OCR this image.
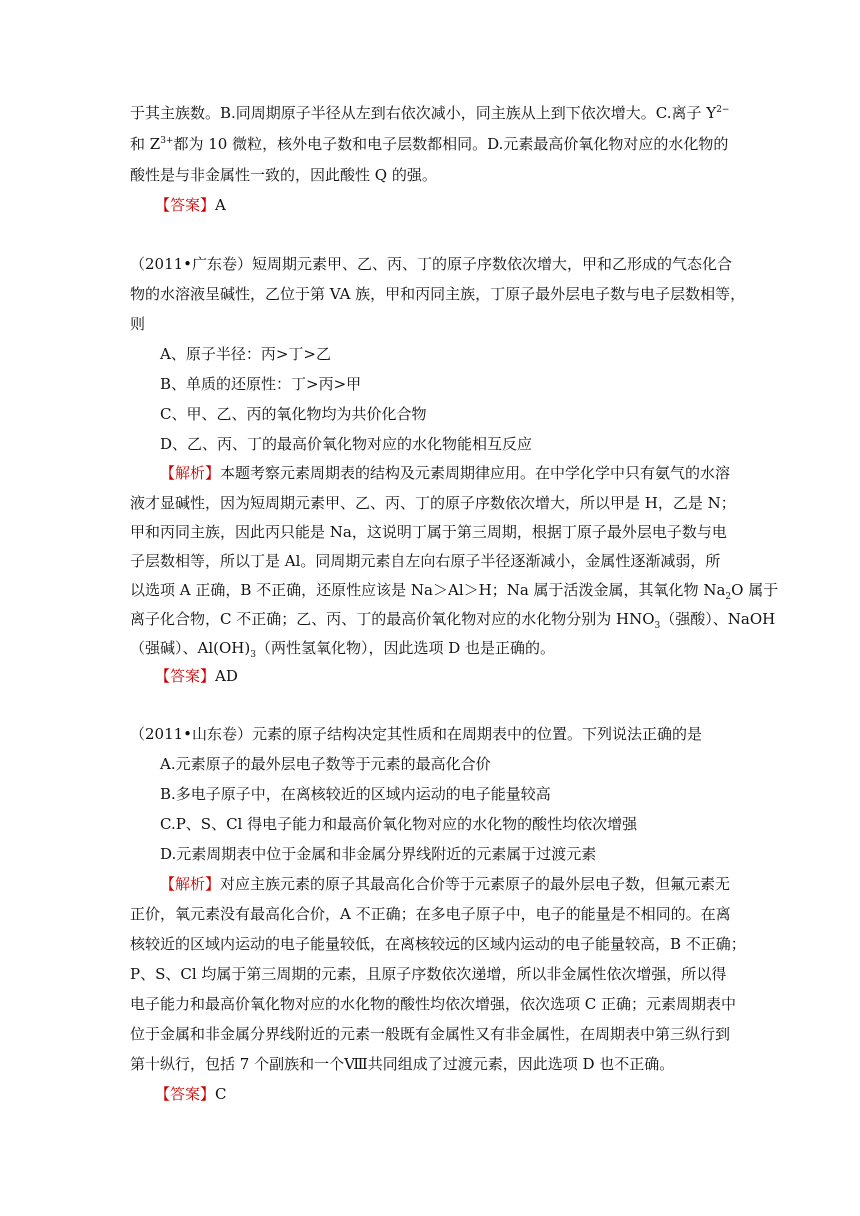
于其主族数。B.同周期原子半径从左到右依次减小，同主族从上到下依次增大。C.离子 $Y^{2-}$
和 $Z^{3+}$都为 10 微粒，核外电子数和电子层数都相同。D.元素最高价氧化物对应的水化物的
酸性是与非金属性一致的，因此酸性 Q 的强。
【答案】A
（2011•广东卷）短周期元素甲、乙、丙、丁的原子序数依次增大，甲和乙形成的气态化合
物的水溶液呈碱性，乙位于第 VA 族，甲和丙同主族，丁原子最外层电子数与电子层数相等，
则
A、原子半径：丙>丁>乙
B、单质的还原性：丁>丙>甲
C、甲、乙、丙的氧化物均为共价化合物
D、乙、丙、丁的最高价氧化物对应的水化物能相互反应
【解析】本题考察元素周期表的结构及元素周期律应用。在中学化学中只有氨气的水溶
液才显碱性，因为短周期元素甲、乙、丙、丁的原子序数依次增大，所以甲是 H，乙是 N；
甲和丙同主族，因此丙只能是 Na，这说明丁属于第三周期，根据丁原子最外层电子数与电
子层数相等，所以丁是 Al。同周期元素自左向右原子半径逐渐减小，金属性逐渐减弱，所
以选项 A 正确，B 不正确，还原性应该是 Na＞Al＞H；Na 属于活泼金属，其氧化物 $Na_2O$ 属于
离子化合物，C 不正确；乙、丙、丁的最高价氧化物对应的水化物分别为 $HNO_3$（强酸）、NaOH
（强碱）、$Al(OH)_3$（两性氢氧化物），因此选项 D 也是正确的。
【答案】AD
（2011•山东卷）元素的原子结构决定其性质和在周期表中的位置。下列说法正确的是
A.元素原子的最外层电子数等于元素的最高化合价
B.多电子原子中，在离核较近的区域内运动的电子能量较高
C.P、S、Cl 得电子能力和最高价氧化物对应的水化物的酸性均依次增强
D.元素周期表中位于金属和非金属分界线附近的元素属于过渡元素
【解析】对应主族元素的原子其最高化合价等于元素原子的最外层电子数，但氟元素无
正价，氧元素没有最高化合价，A 不正确；在多电子原子中，电子的能量是不相同的。在离
核较近的区域内运动的电子能量较低，在离核较远的区域内运动的电子能量较高，B 不正确；
P、S、Cl 均属于第三周期的元素，且原子序数依次递增，所以非金属性依次增强，所以得
电子能力和最高价氧化物对应的水化物的酸性均依次增强，依次选项 C 正确；元素周期表中
位于金属和非金属分界线附近的元素一般既有金属性又有非金属性，在周期表中第三纵行到
第十纵行，包括 7 个副族和一个Ⅷ共同组成了过渡元素，因此选项 D 也不正确。
【答案】C
